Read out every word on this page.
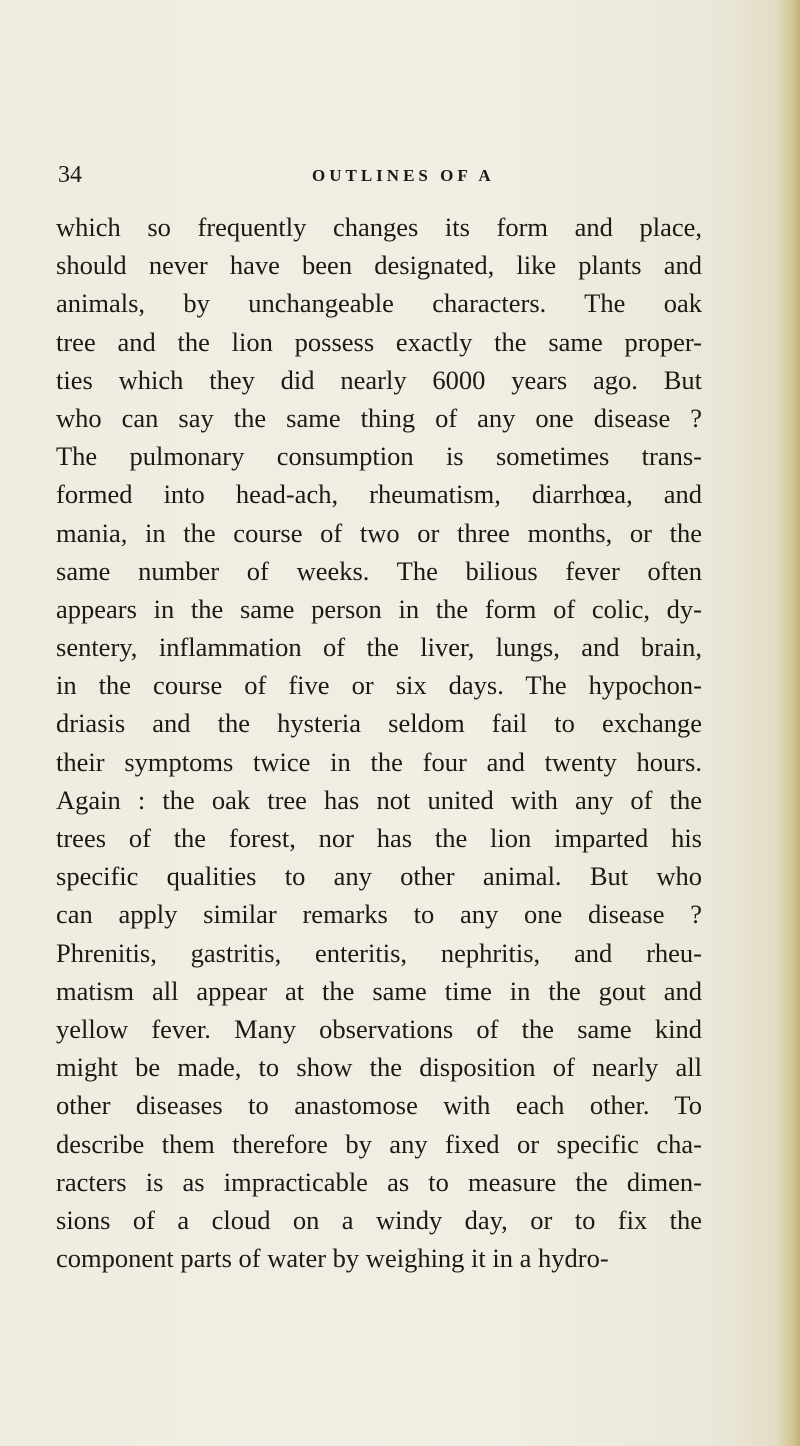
34	OUTLINES OF A
which so frequently changes its form and place,
should never have been designated, like plants and
animals, by unchangeable characters. The oak
tree and the lion possess exactly the same proper-
ties which they did nearly 6000 years ago. But
who can say the same thing of any one disease ?
The pulmonary consumption is sometimes trans-
formed into head-ach, rheumatism, diarrhœa, and
mania, in the course of two or three months, or the
same number of weeks. The bilious fever often
appears in the same person in the form of colic, dy-
sentery, inflammation of the liver, lungs, and brain,
in the course of five or six days. The hypochon-
driasis and the hysteria seldom fail to exchange
their symptoms twice in the four and twenty hours.
Again : the oak tree has not united with any of the
trees of the forest, nor has the lion imparted his
specific qualities to any other animal. But who
can apply similar remarks to any one disease ?
Phrenitis, gastritis, enteritis, nephritis, and rheu-
matism all appear at the same time in the gout and
yellow fever. Many observations of the same kind
might be made, to show the disposition of nearly all
other diseases to anastomose with each other. To
describe them therefore by any fixed or specific cha-
racters is as impracticable as to measure the dimen-
sions of a cloud on a windy day, or to fix the
component parts of water by weighing it in a hydro-
